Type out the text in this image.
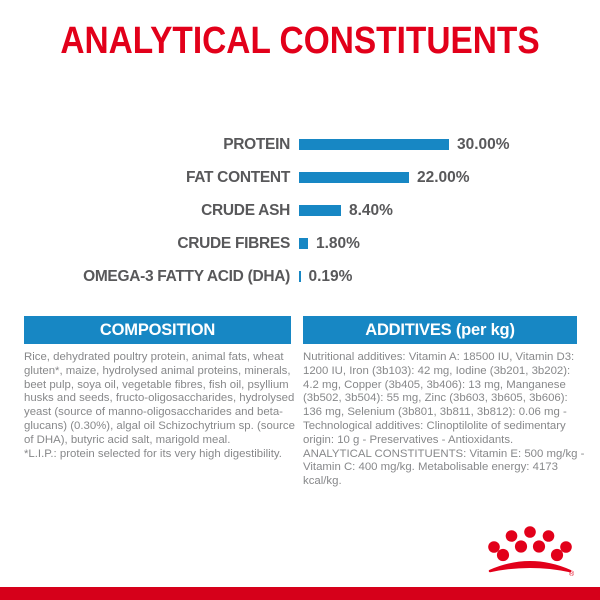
ANALYTICAL CONSTITUENTS
PROTEIN	30.00%
FAT CONTENT	22.00%
CRUDE ASH	8.40%
CRUDE FIBRES 1.80%
OMEGA-3 FATTY ACID (DHA) 0.19%
COMPOSITION	ADDITIVES (per kg)

Rice, dehydrated poultry protein, animal fats, wheat gluten*, maize, hydrolysed animal proteins, minerals, beet pulp, soya oil, vegetable fibres, fish oil, psyllium husks and seeds, fructo-oligosaccharides, hydrolysed yeast (source of manno-oligosaccharides and beta-glucans) (0.30%), algal oil Schizochytrium sp. (source of DHA), butyric acid salt, marigold meal.

*L.I.P.: protein selected for its very high digestibility.

Nutritional additives: Vitamin A: 18500 IU, Vitamin D3: 1200 IU, Iron (3b103): 42 mg, Iodine (3b201, 3b202): 4.2 mg, Copper (3b405, 3b406): 13 mg, Manganese (3b502, 3b504): 55 mg, Zinc (3b603, 3b605, 3b606): 136 mg, Selenium (3b801, 3b811, 3b812): 0.06 mg - Technological additives: Clinoptilolite of sedimentary origin: 10 g - Preservatives - Antioxidants.

ANALYTICAL CONSTITUENTS: Vitamin E: 500 mg/kg - Vitamin C: 400 mg/kg. Metabolisable energy: 4173 kcal/kg.

®
